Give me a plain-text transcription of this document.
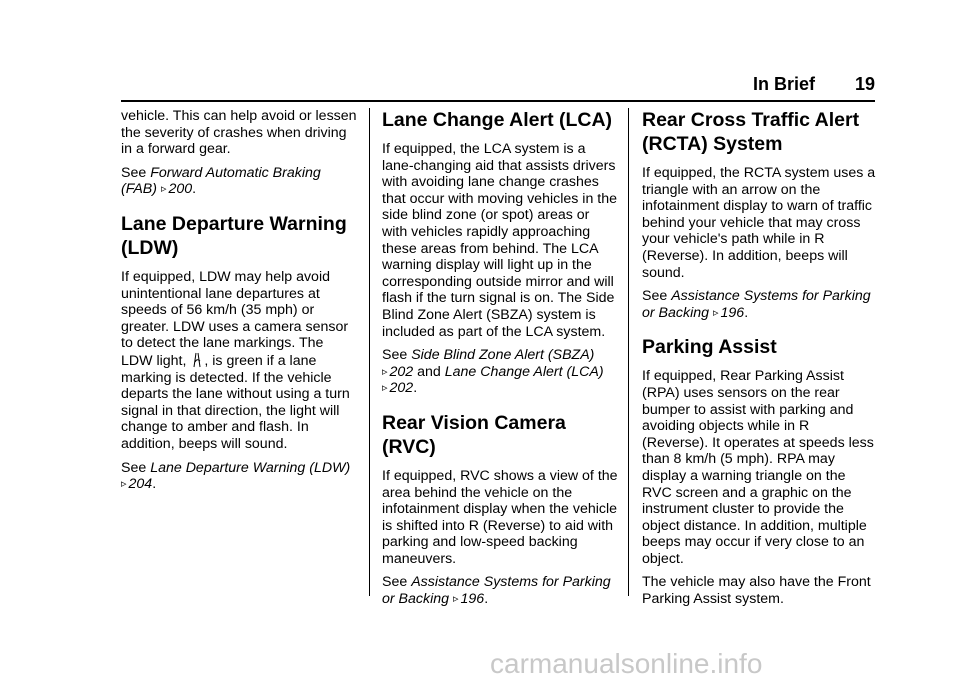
In Brief 19

vehicle. This can help avoid or lessen the severity of crashes when driving in a forward gear.

See Forward Automatic Braking (FAB) ▹ 200.

Lane Departure Warning (LDW)

If equipped, LDW may help avoid unintentional lane departures at speeds of 56 km/h (35 mph) or greater. LDW uses a camera sensor to detect the lane markings. The LDW light, , is green if a lane marking is detected. If the vehicle departs the lane without using a turn signal in that direction, the light will change to amber and flash. In addition, beeps will sound.

See Lane Departure Warning (LDW)
▹ 204.

Lane Change Alert (LCA)

If equipped, the LCA system is a lane-changing aid that assists drivers with avoiding lane change crashes that occur with moving vehicles in the side blind zone (or spot) areas or with vehicles rapidly approaching these areas from behind. The LCA warning display will light up in the corresponding outside mirror and will flash if the turn signal is on. The Side Blind Zone Alert (SBZA) system is included as part of the LCA system.

See Side Blind Zone Alert (SBZA)
▹ 202 and Lane Change Alert (LCA)
▹ 202.

Rear Vision Camera (RVC)

If equipped, RVC shows a view of the area behind the vehicle on the infotainment display when the vehicle is shifted into R (Reverse) to aid with parking and low-speed backing maneuvers.

See Assistance Systems for Parking or Backing ▹ 196.

Rear Cross Traffic Alert (RCTA) System

If equipped, the RCTA system uses a triangle with an arrow on the infotainment display to warn of traffic behind your vehicle that may cross your vehicle's path while in R (Reverse). In addition, beeps will sound.

See Assistance Systems for Parking or Backing ▹ 196.

Parking Assist

If equipped, Rear Parking Assist (RPA) uses sensors on the rear bumper to assist with parking and avoiding objects while in R (Reverse). It operates at speeds less than 8 km/h (5 mph). RPA may display a warning triangle on the RVC screen and a graphic on the instrument cluster to provide the object distance. In addition, multiple beeps may occur if very close to an object.

The vehicle may also have the Front Parking Assist system.

carmanualsonline.info
